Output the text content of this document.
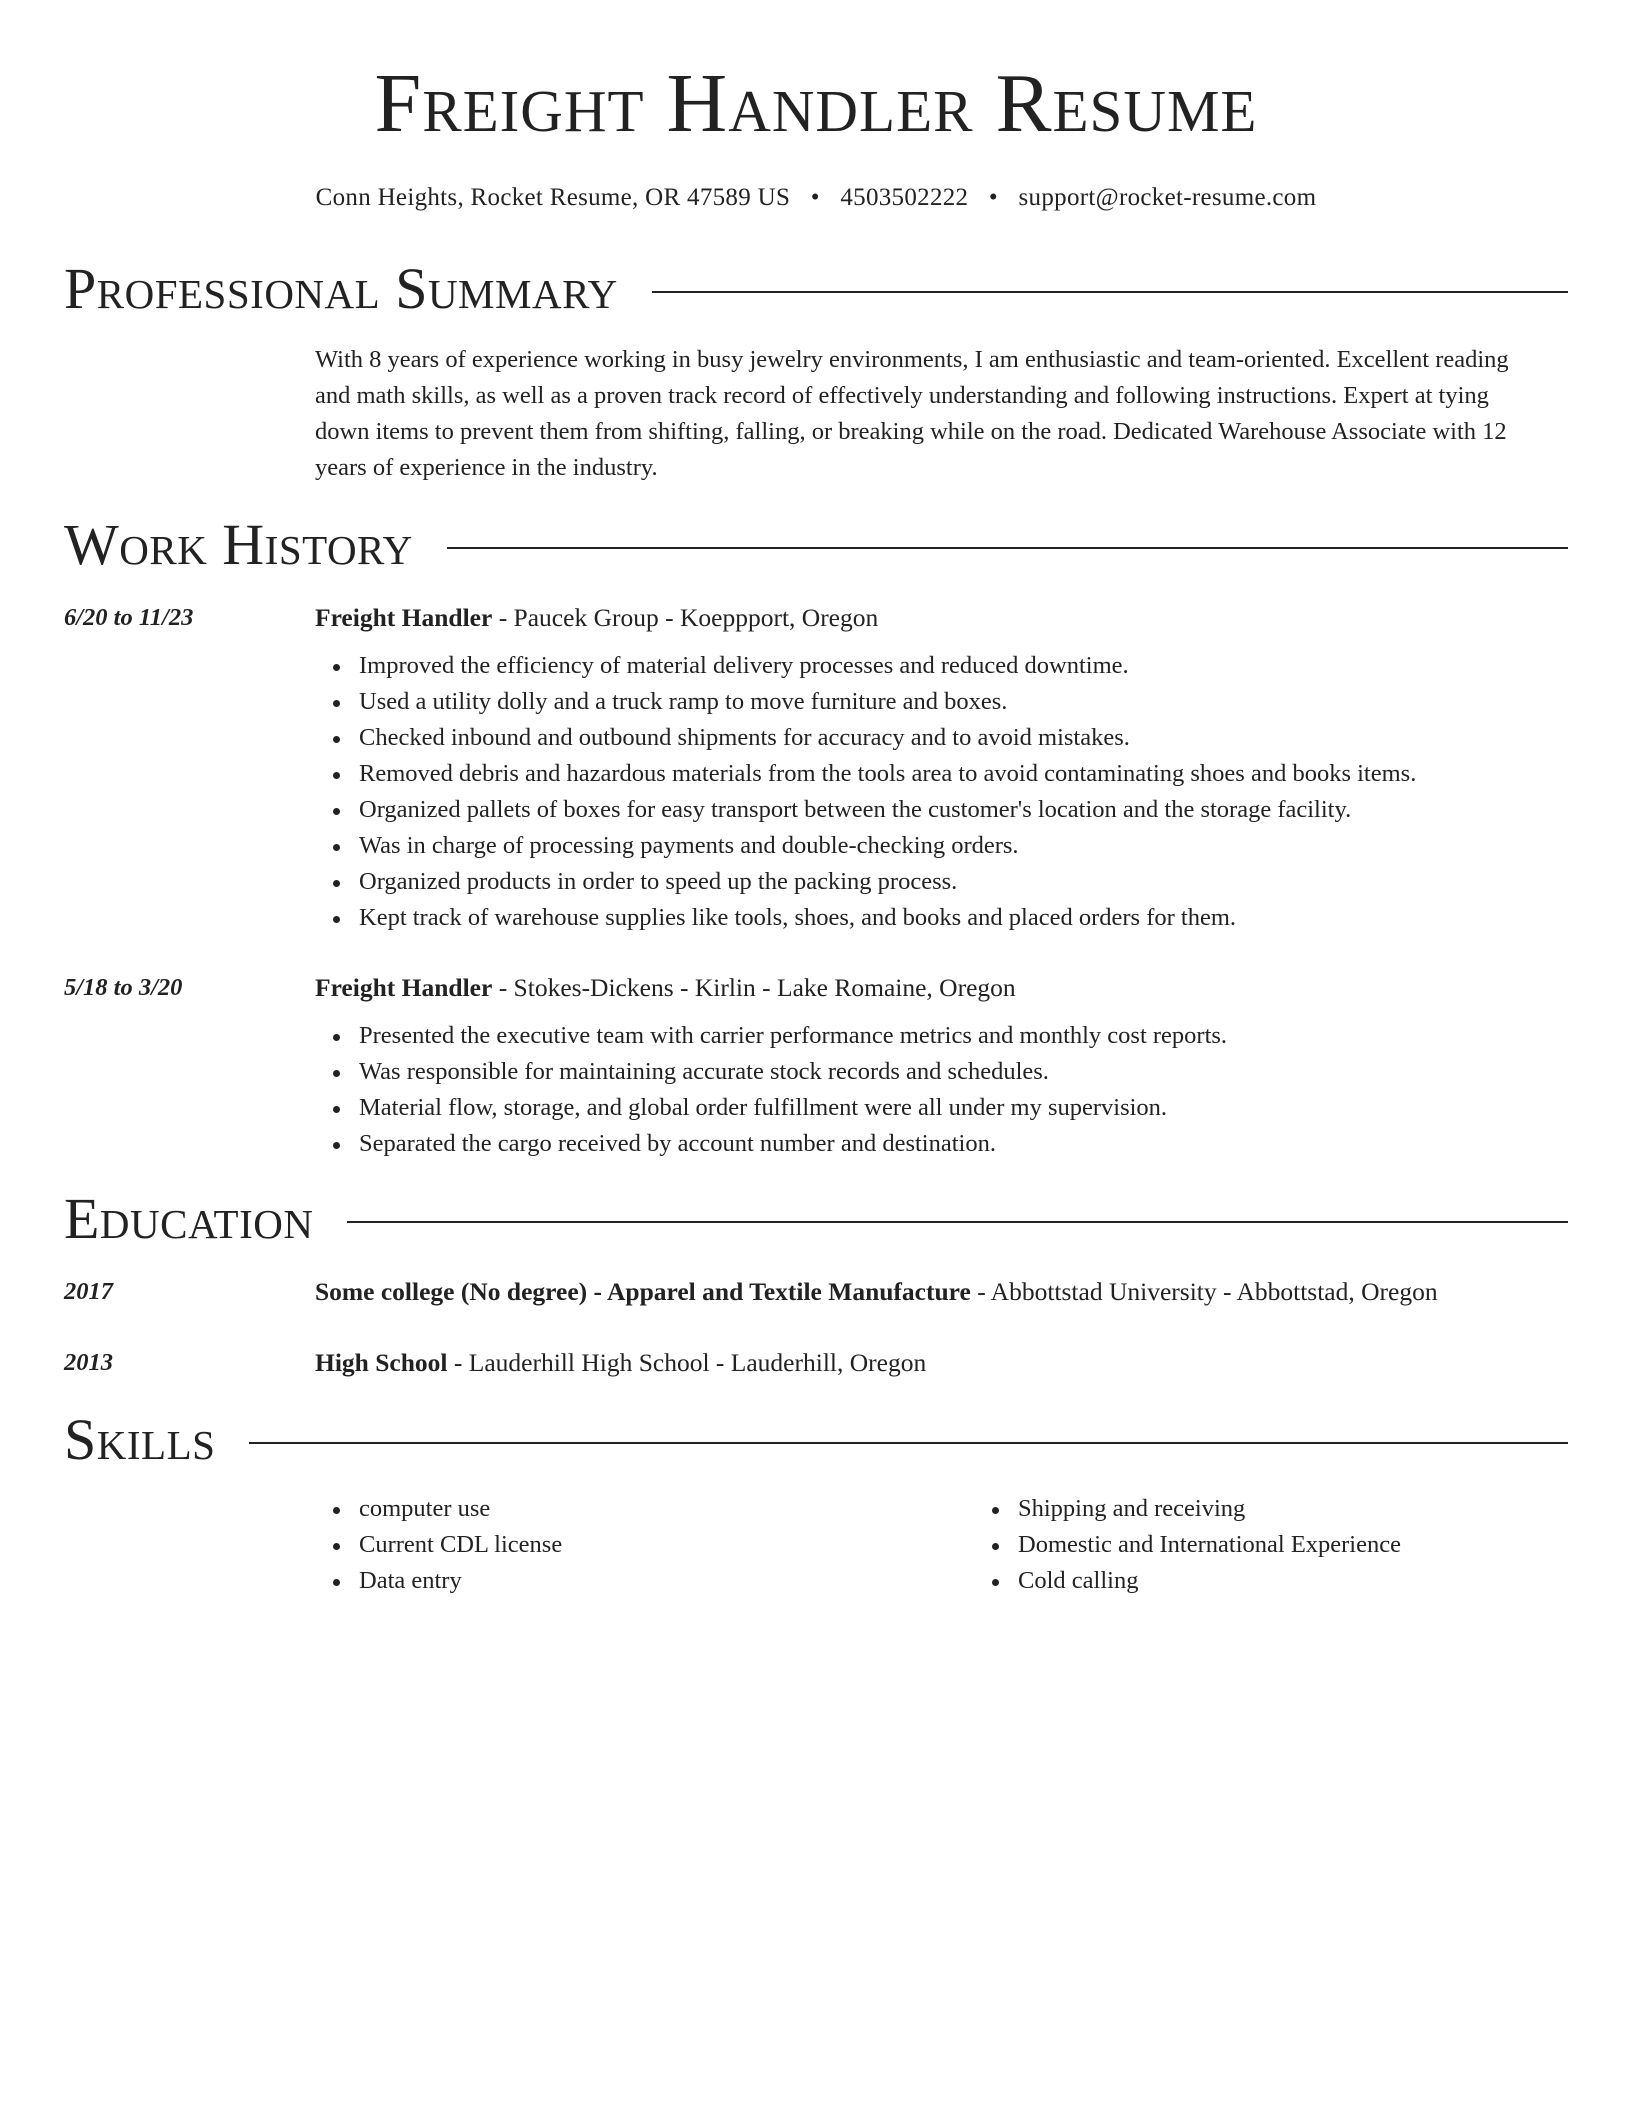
Freight Handler Resume
Conn Heights, Rocket Resume, OR 47589 US • 4503502222 • support@rocket-resume.com
Professional Summary
With 8 years of experience working in busy jewelry environments, I am enthusiastic and team-oriented. Excellent reading and math skills, as well as a proven track record of effectively understanding and following instructions. Expert at tying down items to prevent them from shifting, falling, or breaking while on the road. Dedicated Warehouse Associate with 12 years of experience in the industry.
Work History
6/20 to 11/23	Freight Handler - Paucek Group - Koeppport, Oregon
Improved the efficiency of material delivery processes and reduced downtime.
Used a utility dolly and a truck ramp to move furniture and boxes.
Checked inbound and outbound shipments for accuracy and to avoid mistakes.
Removed debris and hazardous materials from the tools area to avoid contaminating shoes and books items.
Organized pallets of boxes for easy transport between the customer's location and the storage facility.
Was in charge of processing payments and double-checking orders.
Organized products in order to speed up the packing process.
Kept track of warehouse supplies like tools, shoes, and books and placed orders for them.
5/18 to 3/20	Freight Handler - Stokes-Dickens - Kirlin - Lake Romaine, Oregon
Presented the executive team with carrier performance metrics and monthly cost reports.
Was responsible for maintaining accurate stock records and schedules.
Material flow, storage, and global order fulfillment were all under my supervision.
Separated the cargo received by account number and destination.
Education
2017	Some college (No degree) - Apparel and Textile Manufacture - Abbottstad University - Abbottstad, Oregon
2013	High School - Lauderhill High School - Lauderhill, Oregon
Skills
computer use
Current CDL license
Data entry
Shipping and receiving
Domestic and International Experience
Cold calling
